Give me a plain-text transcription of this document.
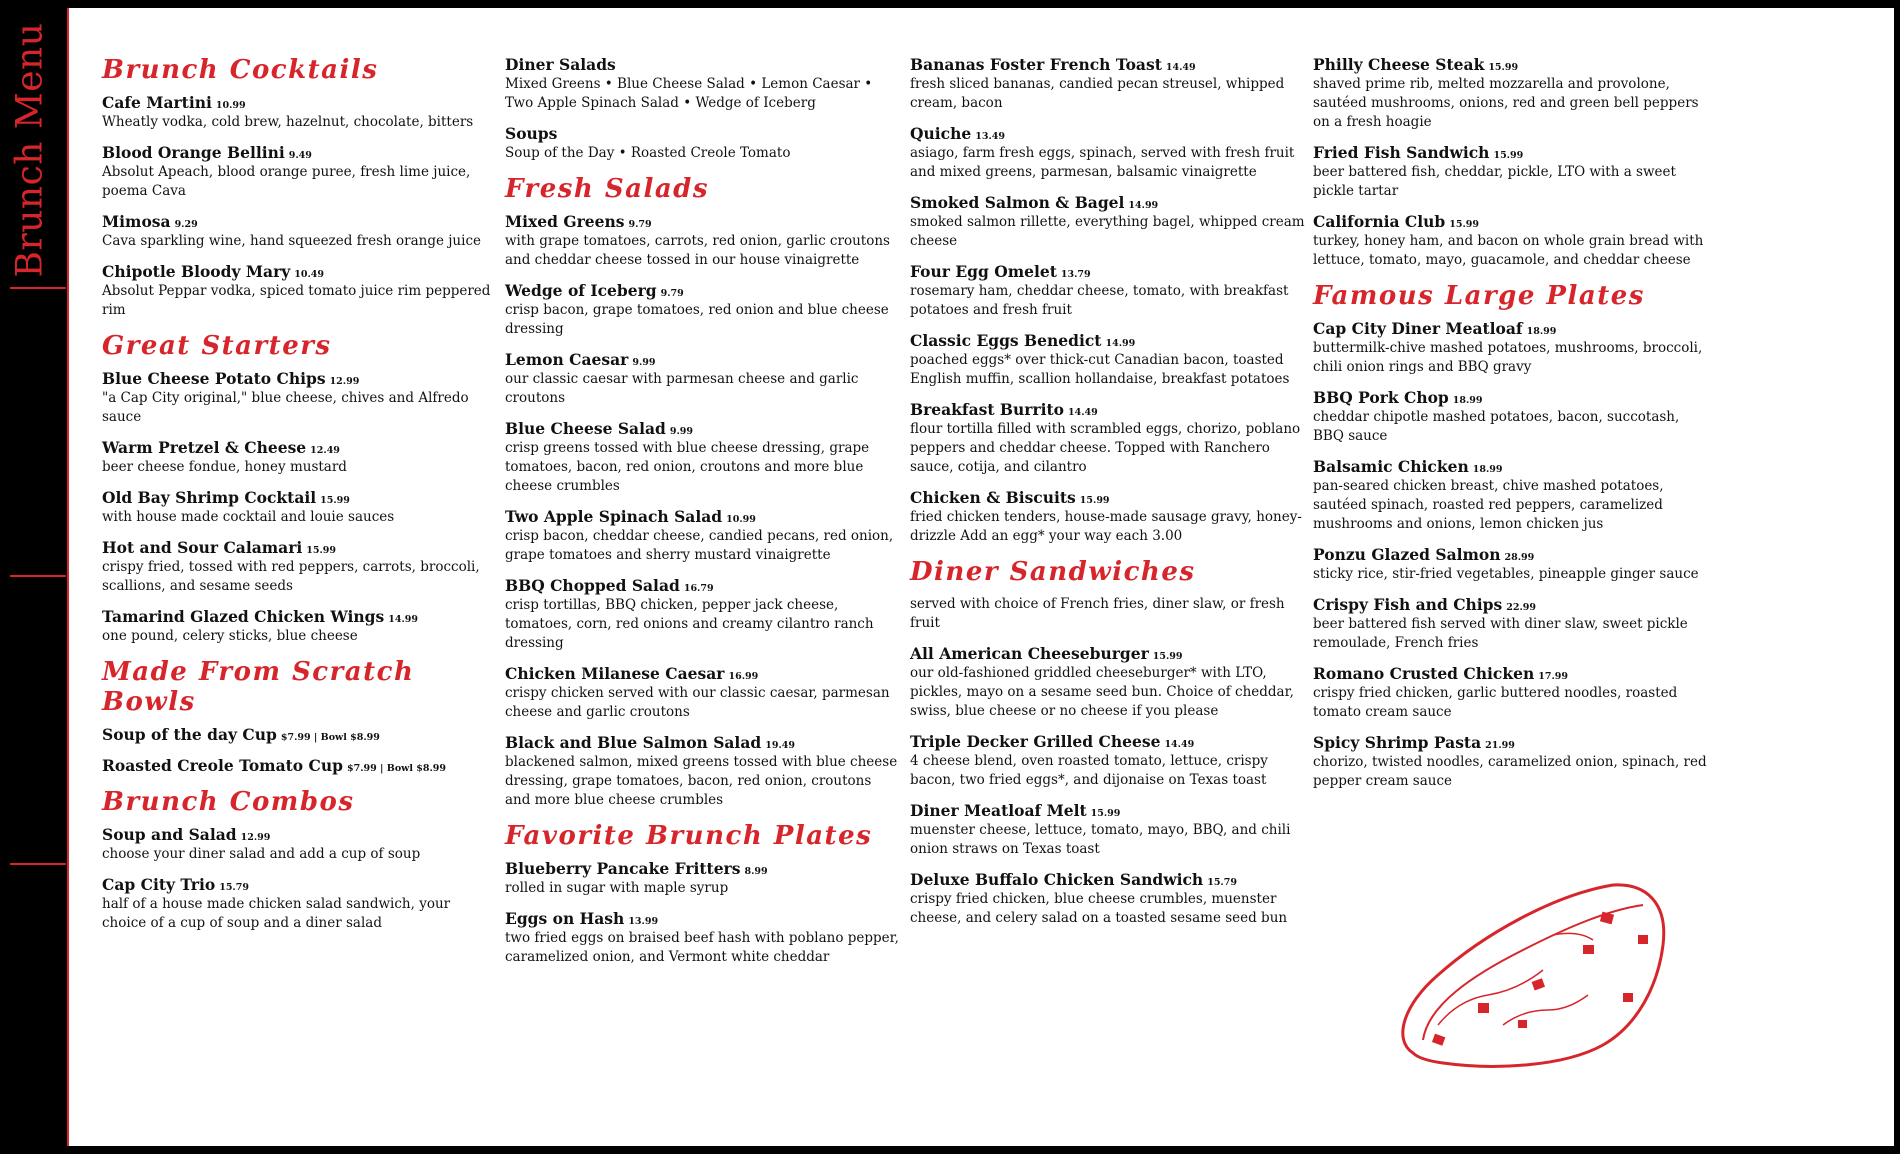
Brunch Menu Brunch Cocktails
Cafe Martini 10.99
Wheatly vodka, cold brew, hazelnut, chocolate, bitters
Blood Orange Bellini 9.49
Absolut Apeach, blood orange puree, fresh lime juice, poema Cava
Mimosa 9.29
Cava sparkling wine, hand squeezed fresh orange juice
Chipotle Bloody Mary 10.49
Absolut Peppar vodka, spiced tomato juice rim peppered rim
Great Starters
Blue Cheese Potato Chips 12.99
"a Cap City original," blue cheese, chives and Alfredo sauce
Warm Pretzel & Cheese 12.49
beer cheese fondue, honey mustard
Old Bay Shrimp Cocktail 15.99
with house made cocktail and louie sauces
Hot and Sour Calamari 15.99
crispy fried, tossed with red peppers, carrots, broccoli, scallions, and sesame seeds
Tamarind Glazed Chicken Wings 14.99
one pound, celery sticks, blue cheese
Made From Scratch Bowls
Soup of the day Cup $7.99 | Bowl $8.99
Roasted Creole Tomato Cup $7.99 | Bowl $8.99
Brunch Combos
Soup and Salad 12.99
choose your diner salad and add a cup of soup
Cap City Trio 15.79
half of a house made chicken salad sandwich, your choice of a cup of soup and a diner salad
Diner Salads
Mixed Greens • Blue Cheese Salad • Lemon Caesar • Two Apple Spinach Salad • Wedge of Iceberg
Soups
Soup of the Day • Roasted Creole Tomato
Fresh Salads
Mixed Greens 9.79
with grape tomatoes, carrots, red onion, garlic croutons and cheddar cheese tossed in our house vinaigrette
Wedge of Iceberg 9.79
crisp bacon, grape tomatoes, red onion and blue cheese dressing
Lemon Caesar 9.99
our classic caesar with parmesan cheese and garlic croutons
Blue Cheese Salad 9.99
crisp greens tossed with blue cheese dressing, grape tomatoes, bacon, red onion, croutons and more blue cheese crumbles
Two Apple Spinach Salad 10.99
crisp bacon, cheddar cheese, candied pecans, red onion, grape tomatoes and sherry mustard vinaigrette
BBQ Chopped Salad 16.79
crisp tortillas, BBQ chicken, pepper jack cheese, tomatoes, corn, red onions and creamy cilantro ranch dressing
Chicken Milanese Caesar 16.99
crispy chicken served with our classic caesar, parmesan cheese and garlic croutons
Black and Blue Salmon Salad 19.49
blackened salmon, mixed greens tossed with blue cheese dressing, grape tomatoes, bacon, red onion, croutons and more blue cheese crumbles
Favorite Brunch Plates
Blueberry Pancake Fritters 8.99
rolled in sugar with maple syrup
Eggs on Hash 13.99
two fried eggs on braised beef hash with poblano pepper, caramelized onion, and Vermont white cheddar
Bananas Foster French Toast 14.49
fresh sliced bananas, candied pecan streusel, whipped cream, bacon
Quiche 13.49
asiago, farm fresh eggs, spinach, served with fresh fruit and mixed greens, parmesan, balsamic vinaigrette
Smoked Salmon & Bagel 14.99
smoked salmon rillette, everything bagel, whipped cream cheese
Four Egg Omelet 13.79
rosemary ham, cheddar cheese, tomato, with breakfast potatoes and fresh fruit
Classic Eggs Benedict 14.99
poached eggs* over thick-cut Canadian bacon, toasted English muffin, scallion hollandaise, breakfast potatoes
Breakfast Burrito 14.49
flour tortilla filled with scrambled eggs, chorizo, poblano peppers and cheddar cheese. Topped with Ranchero sauce, cotija, and cilantro
Chicken & Biscuits 15.99
fried chicken tenders, house-made sausage gravy, honey-drizzle Add an egg* your way each 3.00
Diner Sandwiches
served with choice of French fries, diner slaw, or fresh fruit
All American Cheeseburger 15.99
our old-fashioned griddled cheeseburger* with LTO, pickles, mayo on a sesame seed bun. Choice of cheddar, swiss, blue cheese or no cheese if you please
Triple Decker Grilled Cheese 14.49
4 cheese blend, oven roasted tomato, lettuce, crispy bacon, two fried eggs*, and dijonaise on Texas toast
Diner Meatloaf Melt 15.99
muenster cheese, lettuce, tomato, mayo, BBQ, and chili onion straws on Texas toast
Deluxe Buffalo Chicken Sandwich 15.79
crispy fried chicken, blue cheese crumbles, muenster cheese, and celery salad on a toasted sesame seed bun
Philly Cheese Steak 15.99
shaved prime rib, melted mozzarella and provolone, sautéed mushrooms, onions, red and green bell peppers on a fresh hoagie
Fried Fish Sandwich 15.99
beer battered fish, cheddar, pickle, LTO with a sweet pickle tartar
California Club 15.99
turkey, honey ham, and bacon on whole grain bread with lettuce, tomato, mayo, guacamole, and cheddar cheese
Famous Large Plates
Cap City Diner Meatloaf 18.99
buttermilk-chive mashed potatoes, mushrooms, broccoli, chili onion rings and BBQ gravy
BBQ Pork Chop 18.99
cheddar chipotle mashed potatoes, bacon, succotash, BBQ sauce
Balsamic Chicken 18.99
pan-seared chicken breast, chive mashed potatoes, sautéed spinach, roasted red peppers, caramelized mushrooms and onions, lemon chicken jus
Ponzu Glazed Salmon 28.99
sticky rice, stir-fried vegetables, pineapple ginger sauce
Crispy Fish and Chips 22.99
beer battered fish served with diner slaw, sweet pickle remoulade, French fries
Romano Crusted Chicken 17.99
crispy fried chicken, garlic buttered noodles, roasted tomato cream sauce
Spicy Shrimp Pasta 21.99
chorizo, twisted noodles, caramelized onion, spinach, red pepper cream sauce
